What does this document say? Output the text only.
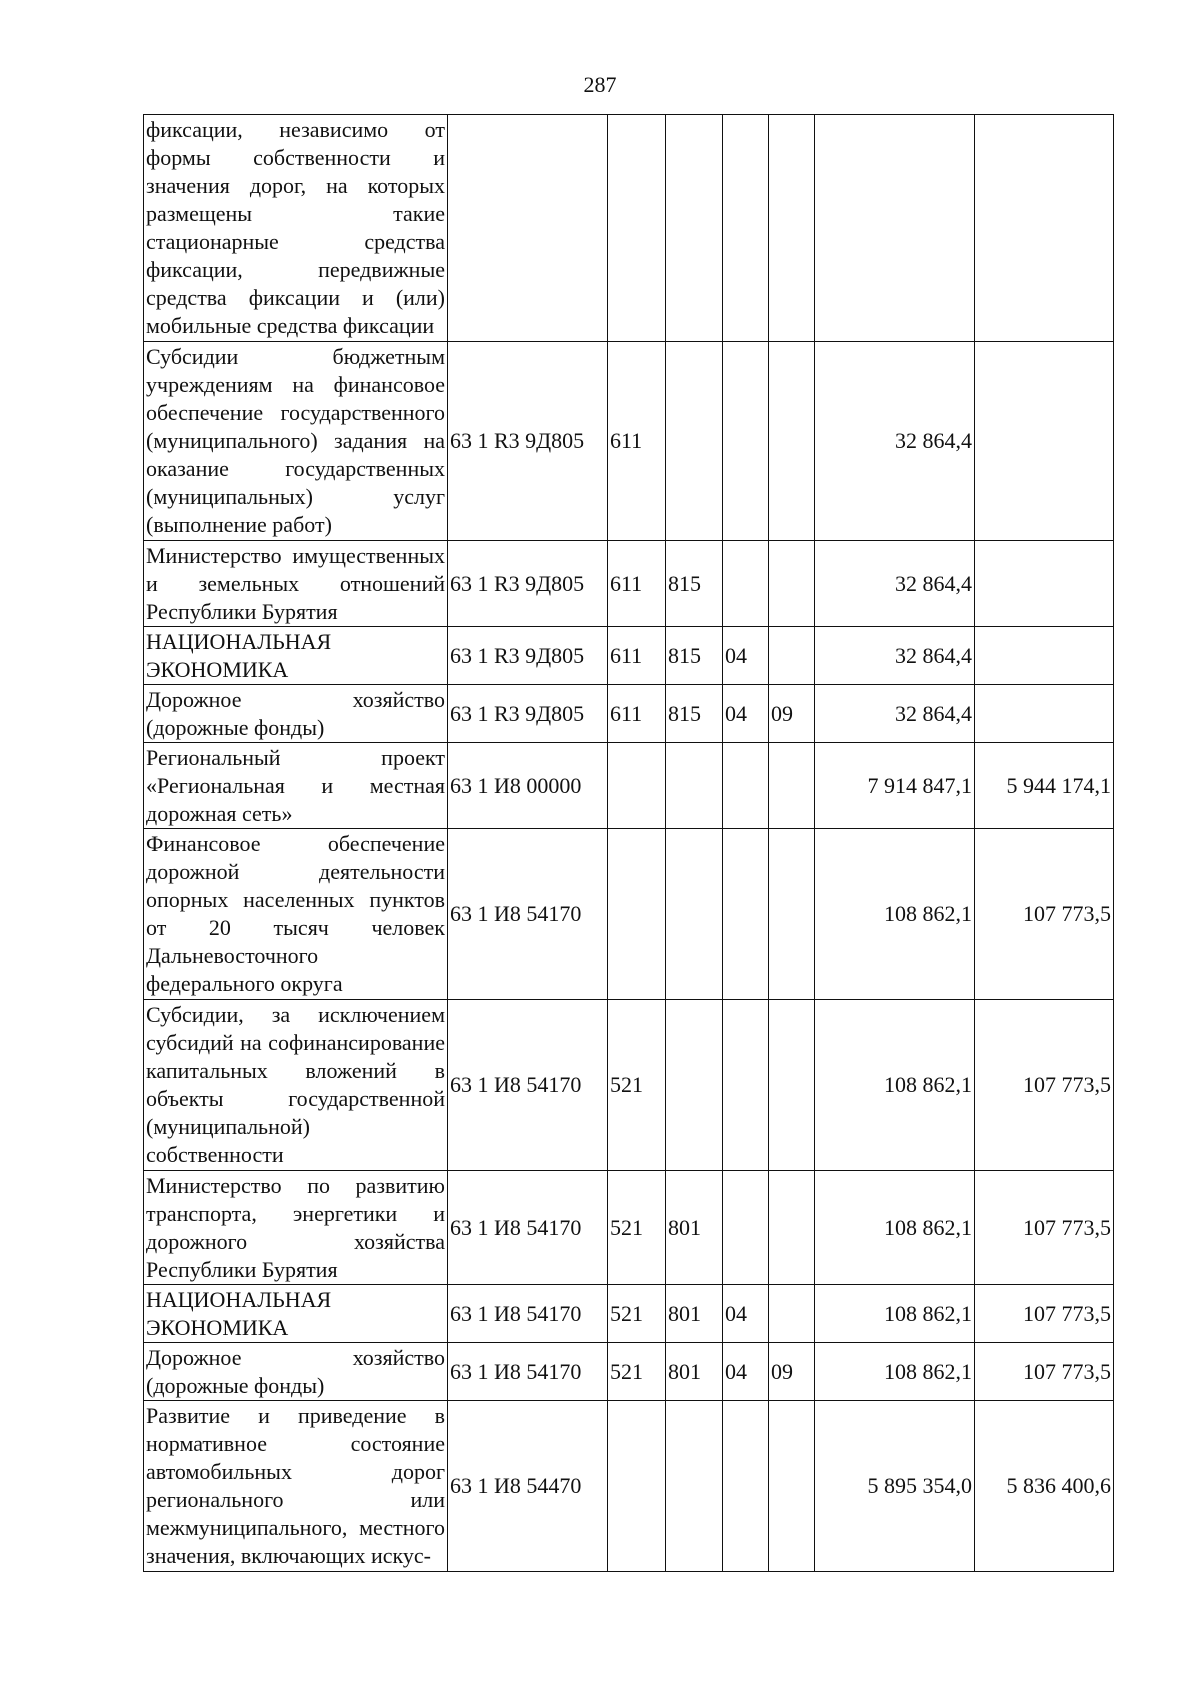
287
фиксации, независимо от формы собственности и значения дорог, на которых размещены такие стационарные средства фиксации, передвижные средства фиксации и (или) мобильные средства фиксации							
Субсидии бюджетным учреждениям на финансовое обеспечение государственного (муниципального) задания на оказание государственных (муниципальных) услуг (выполнение работ)	63 1 R3 9Д805	611				32 864,4	
Министерство имущественных и земельных отношений Республики Бурятия	63 1 R3 9Д805	611	815			32 864,4	
НАЦИОНАЛЬНАЯ ЭКОНОМИКА	63 1 R3 9Д805	611	815	04		32 864,4	
Дорожное хозяйство (дорожные фонды)	63 1 R3 9Д805	611	815	04	09	32 864,4	
Региональный проект «Региональная и местная дорожная сеть»	63 1 И8 00000					7 914 847,1	5 944 174,1
Финансовое обеспечение дорожной деятельности опорных населенных пунктов от 20 тысяч человек Дальневосточного федерального округа	63 1 И8 54170					108 862,1	107 773,5
Субсидии, за исключением субсидий на софинансирование капитальных вложений в объекты государственной (муниципальной) собственности	63 1 И8 54170	521				108 862,1	107 773,5
Министерство по развитию транспорта, энергетики и дорожного хозяйства Республики Бурятия	63 1 И8 54170	521	801			108 862,1	107 773,5
НАЦИОНАЛЬНАЯ ЭКОНОМИКА	63 1 И8 54170	521	801	04		108 862,1	107 773,5
Дорожное хозяйство (дорожные фонды)	63 1 И8 54170	521	801	04	09	108 862,1	107 773,5
Развитие и приведение в нормативное состояние автомобильных дорог регионального или межмуниципального, местного значения, включающих искус-	63 1 И8 54470					5 895 354,0	5 836 400,6
